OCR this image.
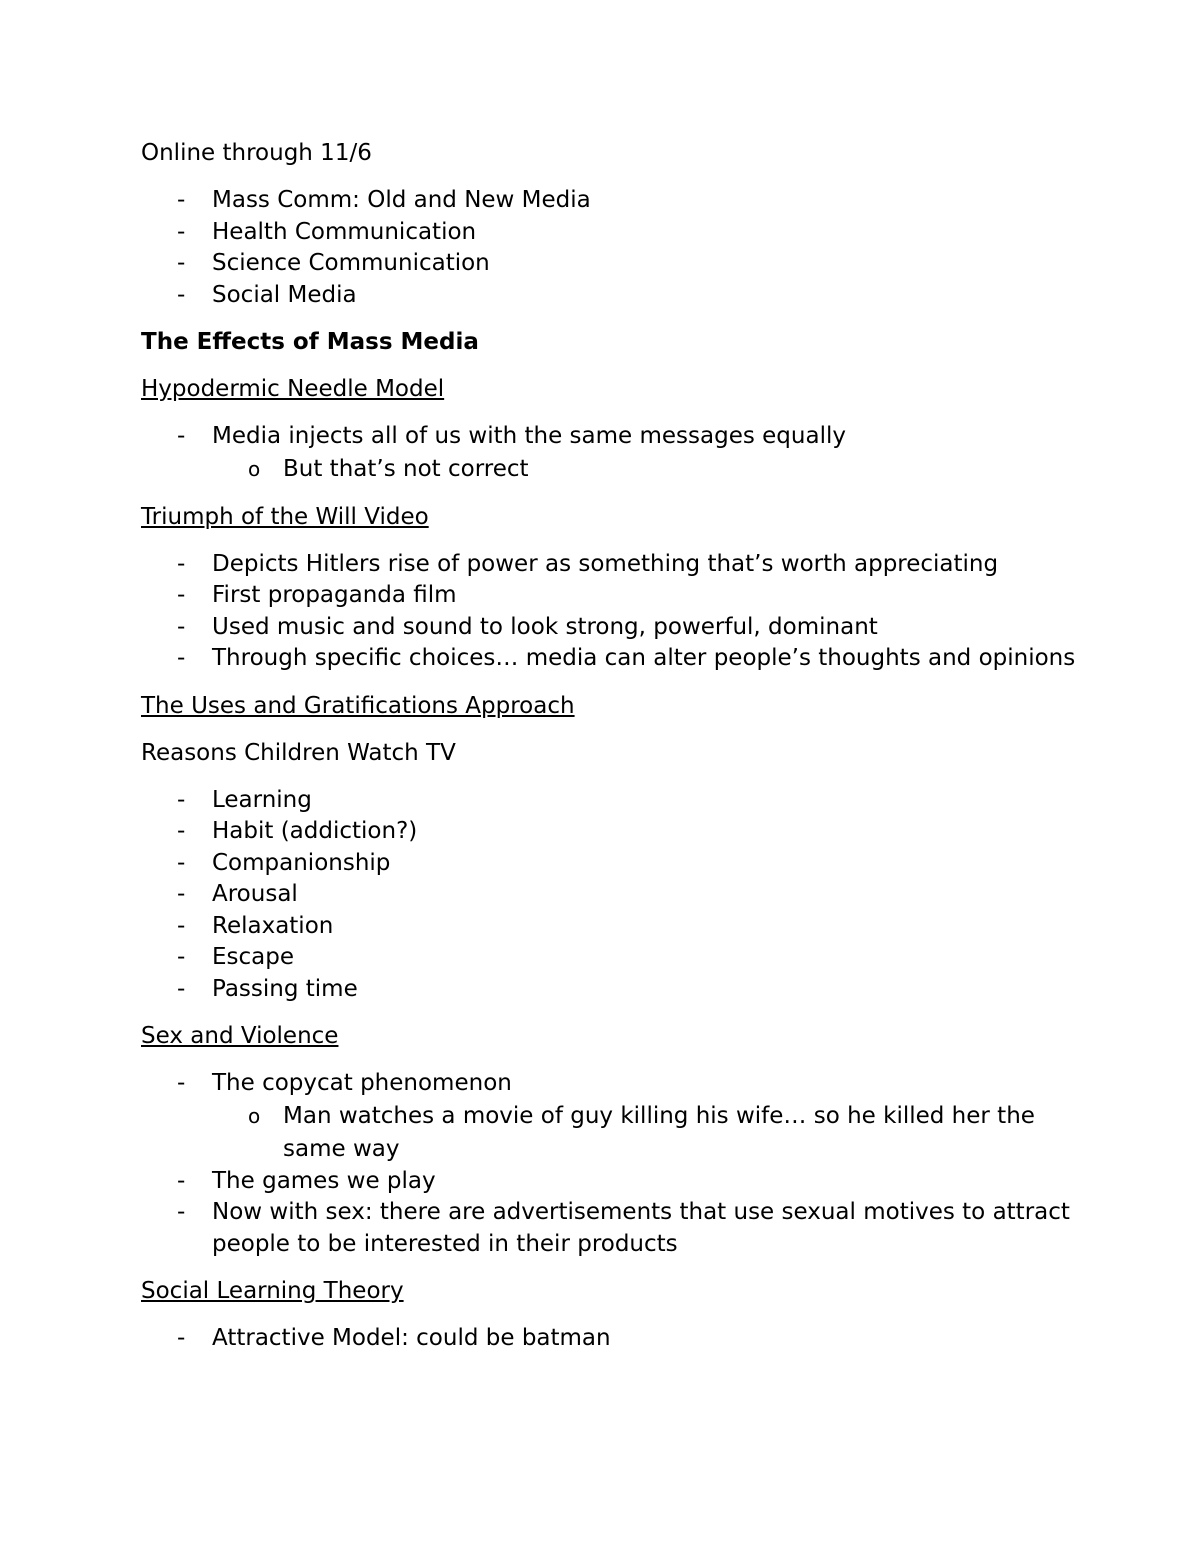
Online through 11/6

- Mass Comm: Old and New Media
- Health Communication
- Science Communication
- Social Media

The Effects of Mass Media

Hypodermic Needle Model

- Media injects all of us with the same messages equally
o But that’s not correct

Triumph of the Will Video

- Depicts Hitlers rise of power as something that’s worth appreciating
- First propaganda film
- Used music and sound to look strong, powerful, dominant
- Through specific choices… media can alter people’s thoughts and opinions

The Uses and Gratifications Approach

Reasons Children Watch TV

- Learning
- Habit (addiction?)
- Companionship
- Arousal
- Relaxation
- Escape
- Passing time

Sex and Violence

- The copycat phenomenon
o Man watches a movie of guy killing his wife… so he killed her the same way
- The games we play
- Now with sex: there are advertisements that use sexual motives to attract people to be interested in their products

Social Learning Theory

- Attractive Model: could be batman
